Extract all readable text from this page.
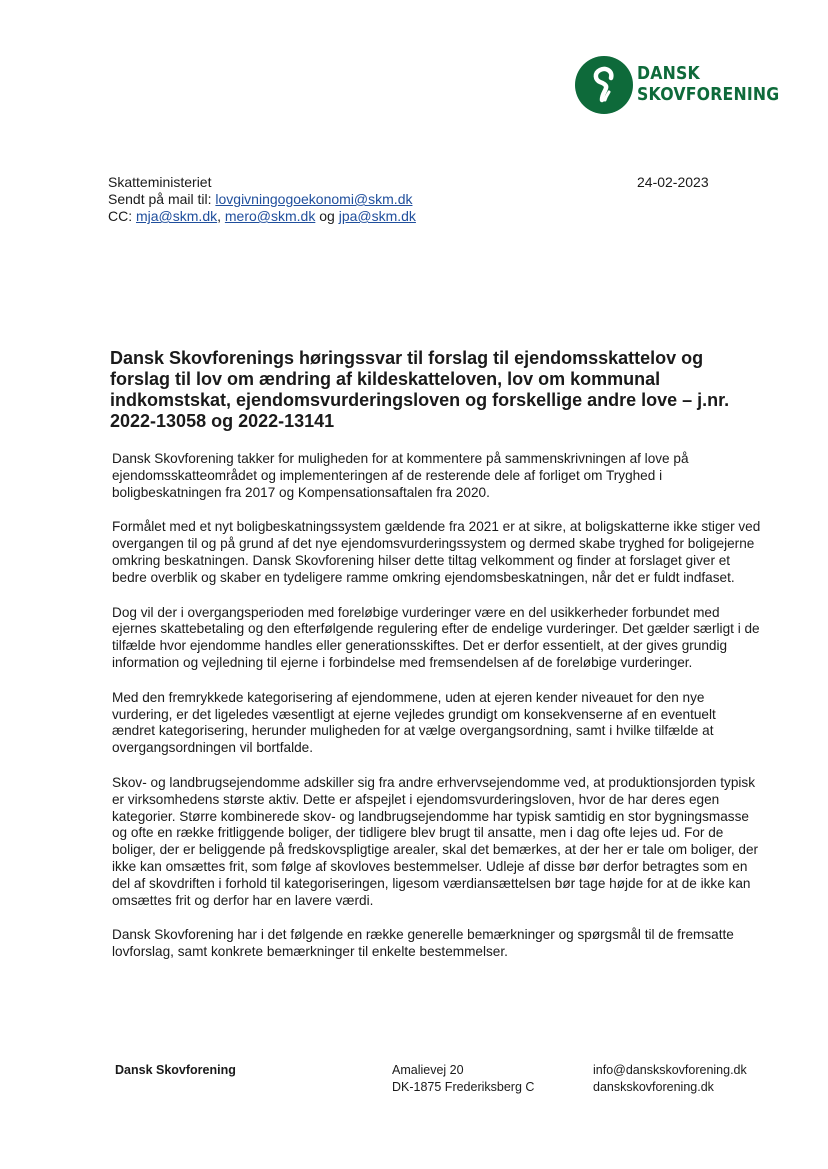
DANSK
SKOVFORENING
Skatteministeriet
Sendt på mail til: lovgivningogoekonomi@skm.dk
CC: mja@skm.dk, mero@skm.dk og jpa@skm.dk
24-02-2023
Dansk Skovforenings høringssvar til forslag til ejendomsskattelov og forslag til lov om ændring af kildeskatteloven, lov om kommunal indkomstskat, ejendomsvurderingsloven og forskellige andre love – j.nr. 2022-13058 og 2022-13141

Dansk Skovforening takker for muligheden for at kommentere på sammenskrivningen af love på ejendomsskatteområdet og implementeringen af de resterende dele af forliget om Tryghed i boligbeskatningen fra 2017 og Kompensationsaftalen fra 2020.

Formålet med et nyt boligbeskatningssystem gældende fra 2021 er at sikre, at boligskatterne ikke stiger ved overgangen til og på grund af det nye ejendomsvurderingssystem og dermed skabe tryghed for boligejerne omkring beskatningen. Dansk Skovforening hilser dette tiltag velkomment og finder at forslaget giver et bedre overblik og skaber en tydeligere ramme omkring ejendomsbeskatningen, når det er fuldt indfaset.

Dog vil der i overgangsperioden med foreløbige vurderinger være en del usikkerheder forbundet med ejernes skattebetaling og den efterfølgende regulering efter de endelige vurderinger. Det gælder særligt i de tilfælde hvor ejendomme handles eller generationsskiftes. Det er derfor essentielt, at der gives grundig information og vejledning til ejerne i forbindelse med fremsendelsen af de foreløbige vurderinger.

Med den fremrykkede kategorisering af ejendommene, uden at ejeren kender niveauet for den nye vurdering, er det ligeledes væsentligt at ejerne vejledes grundigt om konsekvenserne af en eventuelt ændret kategorisering, herunder muligheden for at vælge overgangsordning, samt i hvilke tilfælde at overgangsordningen vil bortfalde.

Skov- og landbrugsejendomme adskiller sig fra andre erhvervsejendomme ved, at produktionsjorden typisk er virksomhedens største aktiv. Dette er afspejlet i ejendomsvurderingsloven, hvor de har deres egen kategorier. Større kombinerede skov- og landbrugsejendomme har typisk samtidig en stor bygningsmasse og ofte en række fritliggende boliger, der tidligere blev brugt til ansatte, men i dag ofte lejes ud. For de boliger, der er beliggende på fredskovspligtige arealer, skal det bemærkes, at der her er tale om boliger, der ikke kan omsættes frit, som følge af skovloves bestemmelser. Udleje af disse bør derfor betragtes som en del af skovdriften i forhold til kategoriseringen, ligesom værdiansættelsen bør tage højde for at de ikke kan omsættes frit og derfor har en lavere værdi.

Dansk Skovforening har i det følgende en række generelle bemærkninger og spørgsmål til de fremsatte lovforslag, samt konkrete bemærkninger til enkelte bestemmelser.

Dansk Skovforening	Amalievej 20
DK-1875 Frederiksberg C
info@danskskovforening.dk
danskskovforening.dk
